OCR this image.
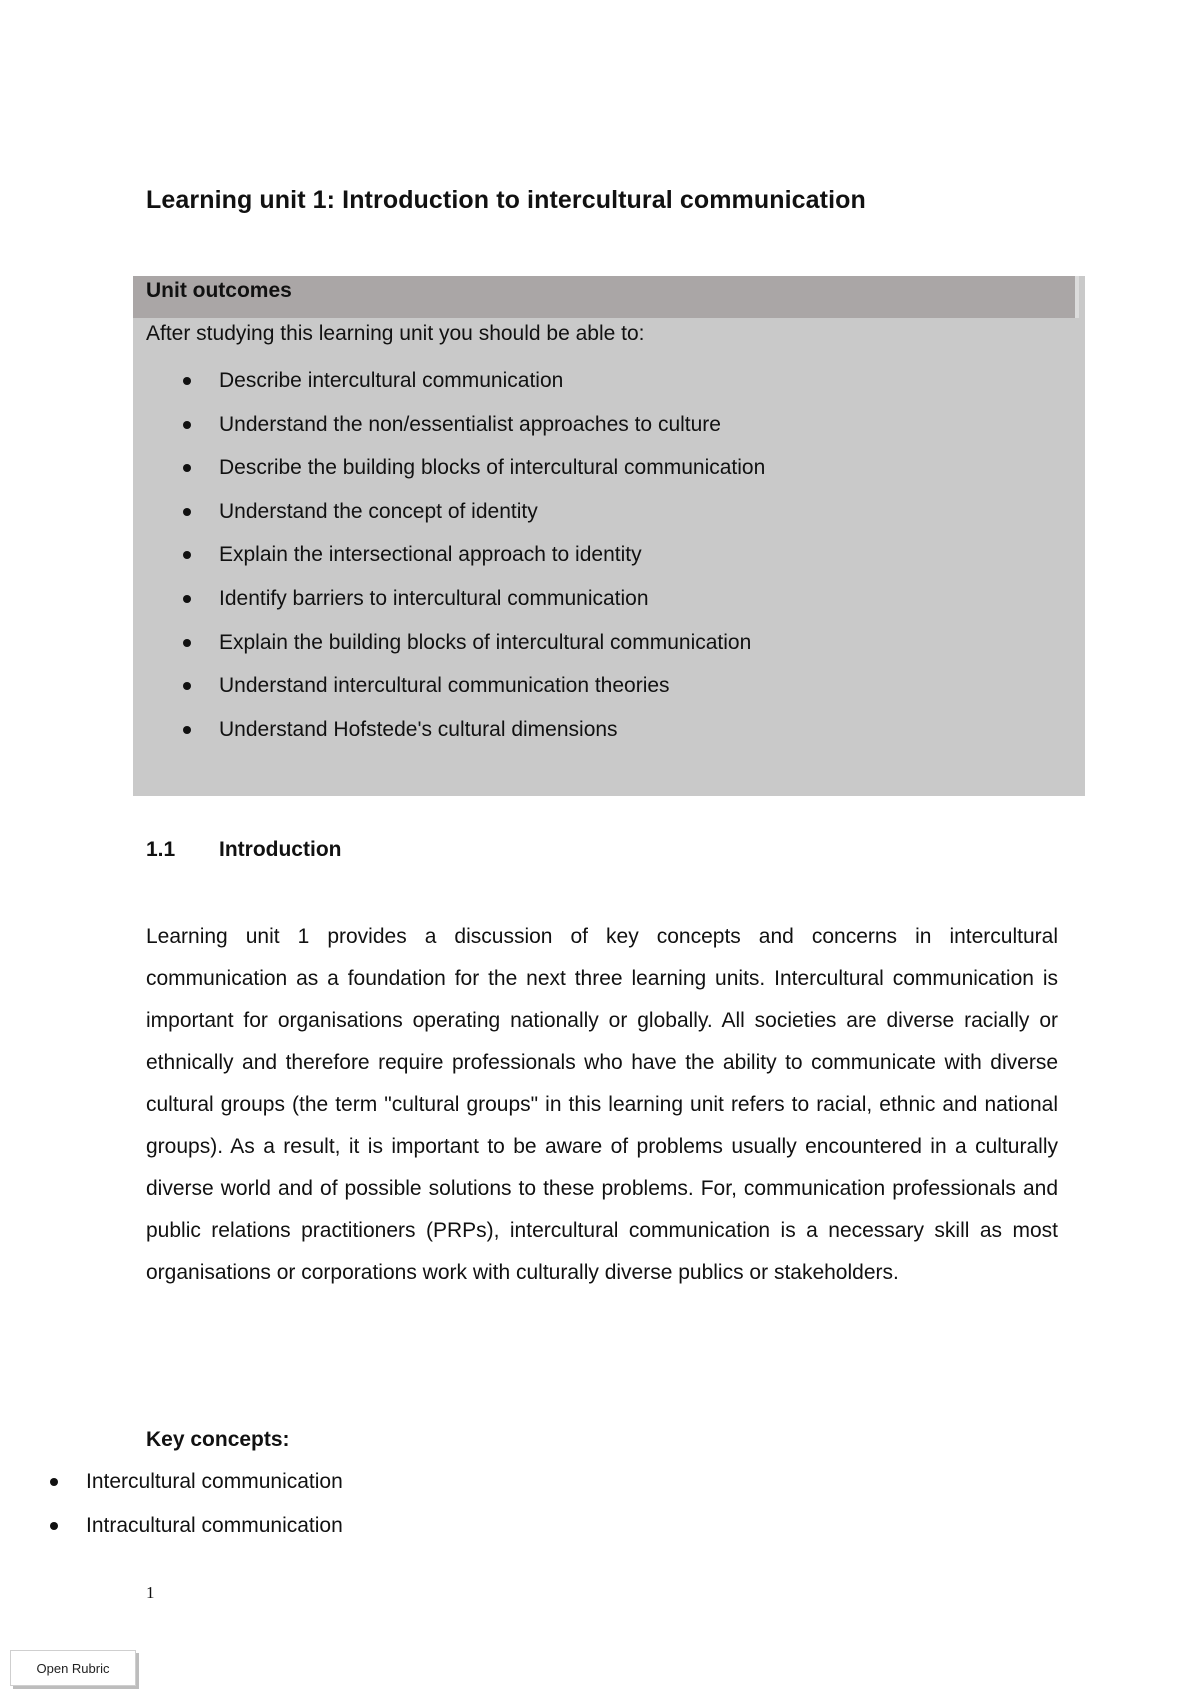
Learning unit 1: Introduction to intercultural communication
Unit outcomes
After studying this learning unit you should be able to:
Describe intercultural communication
Understand the non/essentialist approaches to culture
Describe the building blocks of intercultural communication
Understand the concept of identity
Explain the intersectional approach to identity
Identify barriers to intercultural communication
Explain the building blocks of intercultural communication
Understand intercultural communication theories
Understand Hofstede's cultural dimensions
1.1 Introduction

Learning unit 1 provides a discussion of key concepts and concerns in intercultural communication as a foundation for the next three learning units. Intercultural communication is important for organisations operating nationally or globally. All societies are diverse racially or ethnically and therefore require professionals who have the ability to communicate with diverse cultural groups (the term "cultural groups" in this learning unit refers to racial, ethnic and national groups). As a result, it is important to be aware of problems usually encountered in a culturally diverse world and of possible solutions to these problems. For, communication professionals and public relations practitioners (PRPs), intercultural communication is a necessary skill as most organisations or corporations work with culturally diverse publics or stakeholders.

Key concepts:
Intercultural communication
Intracultural communication
1
Open Rubric
